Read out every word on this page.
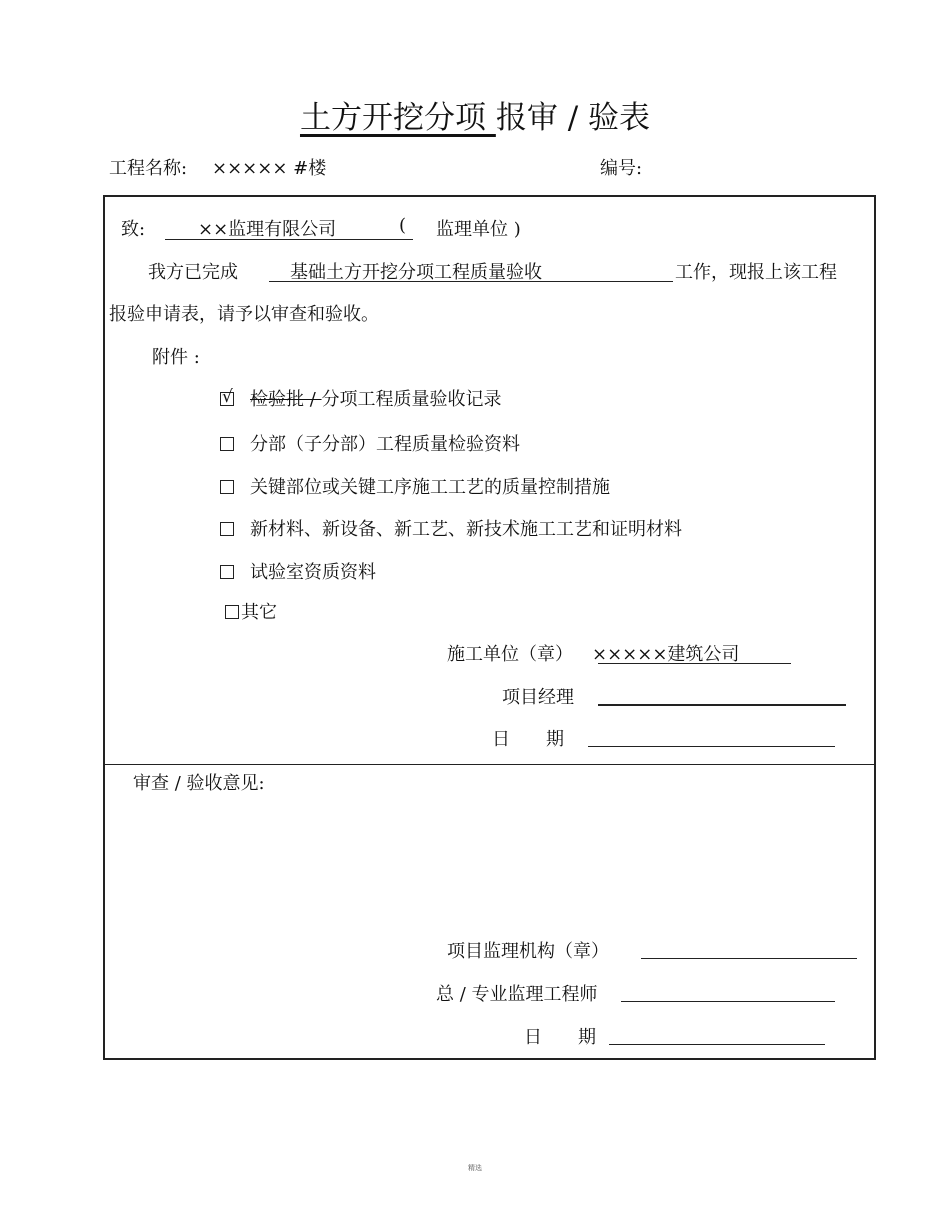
土方开挖分项 报审 / 验表
工程名称: ××××× #楼	编号:
致:	××监理有限公司	( 监理单位 )
我方已完成	基础土方开挖分项工程质量验收	工作，现报上该工程
报验申请表，请予以审查和验收。
附件 :
√检验批 / 分项工程质量验收记录
分部（子分部）工程质量检验资料
关键部位或关键工序施工工艺的质量控制措施
新材料、新设备、新工艺、新技术施工工艺和证明材料
试验室资质资料
其它
施工单位（章） ×××××建筑公司
项目经理
日　　期
审查 / 验收意见:
项目监理机构（章）
总 / 专业监理工程师
日　　期
精选
